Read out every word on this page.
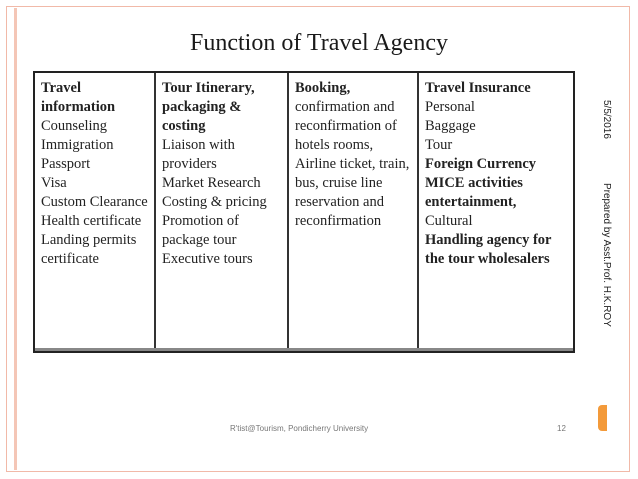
Function of Travel Agency

Travel information

Counseling

Immigration

Passport

Visa

Custom Clearance

Health certificate

Landing permits certificate

Tour Itinerary, packaging & costing

Liaison with providers

Market Research

Costing & pricing

Promotion of package tour

Executive tours

Booking, confirmation and reconfirmation of hotels rooms,

Airline ticket, train, bus, cruise line reservation and reconfirmation

Travel Insurance

Personal

Baggage

Tour

Foreign Currency

MICE activities

entertainment,

Cultural

Handling agency for the tour wholesalers

5/5/2016Prepared by Asst.Prof. H.K.ROY
R'tist@Tourism, Pondicherry University	12
